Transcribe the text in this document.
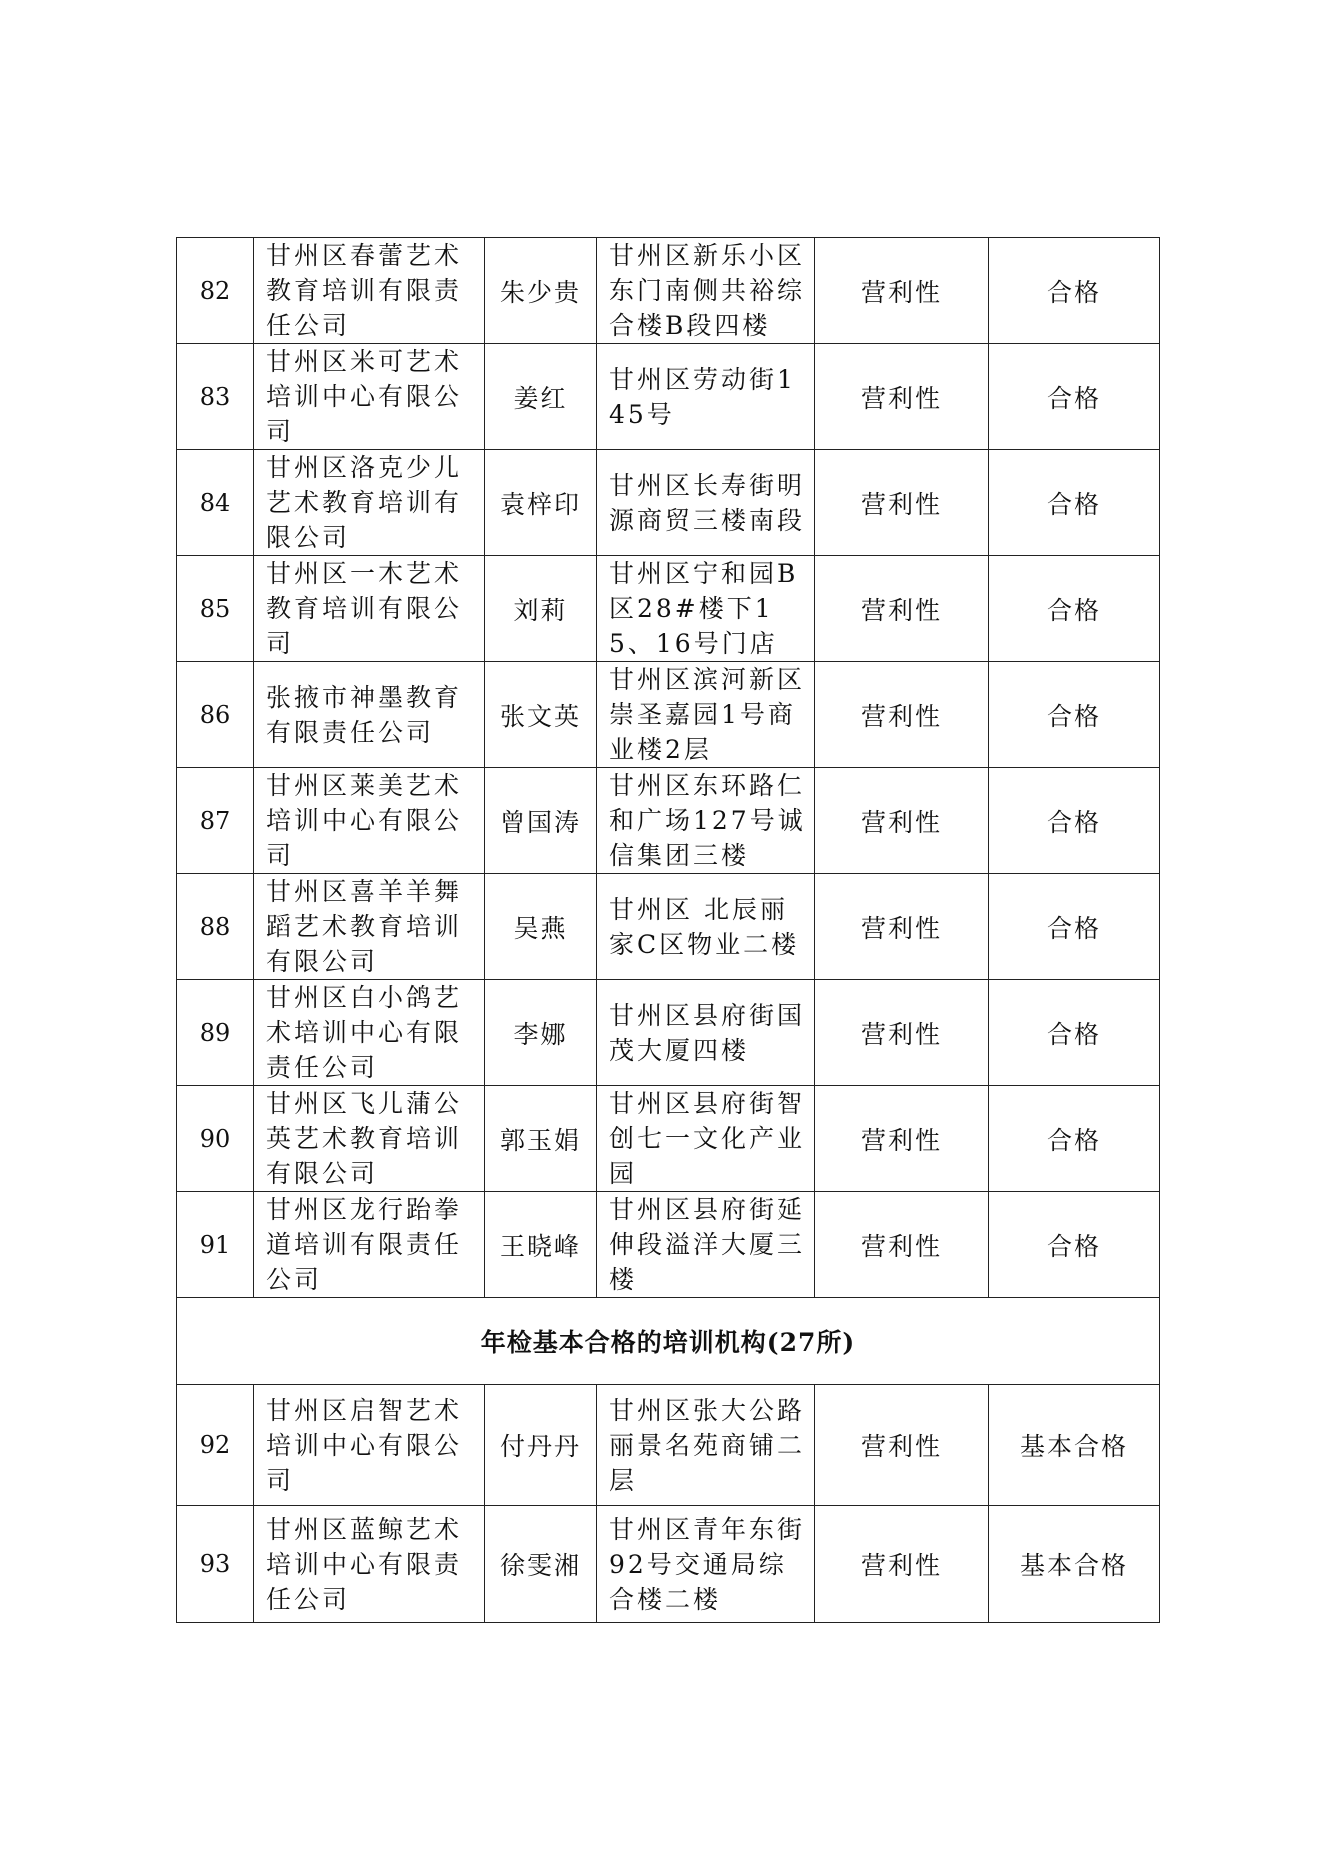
82	甘州区春蕾艺术教育培训有限责任公司	朱少贵	甘州区新乐小区东门南侧共裕综合楼B段四楼	营利性	合格
83	甘州区米可艺术培训中心有限公司	姜红	甘州区劳动街145号	营利性	合格
84	甘州区洛克少儿艺术教育培训有限公司	袁梓印	甘州区长寿街明源商贸三楼南段	营利性	合格
85	甘州区一木艺术教育培训有限公司	刘莉	甘州区宁和园B区28#楼下15、16号门店	营利性	合格
86	张掖市神墨教育有限责任公司	张文英	甘州区滨河新区崇圣嘉园1号商业楼2层	营利性	合格
87	甘州区莱美艺术培训中心有限公司	曾国涛	甘州区东环路仁和广场127号诚信集团三楼	营利性	合格
88	甘州区喜羊羊舞蹈艺术教育培训有限公司	吴燕	甘州区 北辰丽家C区物业二楼	营利性	合格
89	甘州区白小鸽艺术培训中心有限责任公司	李娜	甘州区县府街国茂大厦四楼	营利性	合格
90	甘州区飞儿蒲公英艺术教育培训有限公司	郭玉娟	甘州区县府街智创七一文化产业园	营利性	合格
91	甘州区龙行跆拳道培训有限责任公司	王晓峰	甘州区县府街延伸段溢洋大厦三楼	营利性	合格
年检基本合格的培训机构(27所)					
92	甘州区启智艺术培训中心有限公司	付丹丹	甘州区张大公路丽景名苑商铺二层	营利性	基本合格
93	甘州区蓝鲸艺术培训中心有限责任公司	徐雯湘	甘州区青年东街92号交通局综合楼二楼	营利性	基本合格
